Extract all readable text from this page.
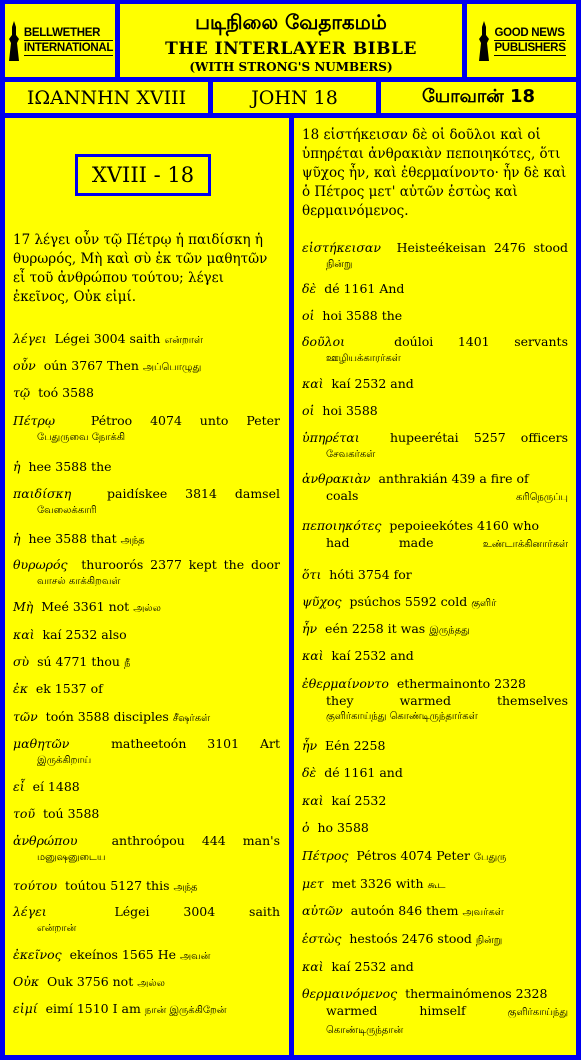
BELLWETHER
INTERNATIONAL
படிநிலை வேதாகமம்
THE INTERLAYER BIBLE
(WITH STRONG'S NUMBERS)
GOOD NEWS
PUBLISHERS
ΙΩΑΝΝΗΝ XVIII	JOHN 18	யோவான் 18
XVIII - 18
17 λέγει οὖν τῷ Πέτρῳ ἡ παιδίσκη ἡ θυρωρός, Μὴ καὶ σὺ ἐκ τῶν μαθητῶν εἶ τοῦ ἀνθρώπου τούτου; λέγει ἐκεῖνος, Οὐκ εἰμί.
λέγει Légei 3004 saith என்றாள்
οὖν oún 3767 Then அப்பொழுது
τῷ toó 3588
Πέτρῳ	Pétroo 4074 unto Peter
பேதுருவை நோக்கி
ἡ hee 3588 the
παιδίσκη	paidískee 3814 damsel
வேலைக்காரி
ἡ hee 3588 that அந்த
θυρωρός thuroorós 2377 kept the door
வாசல் காக்கிறவள்
Μὴ Meé 3361 not அல்ல
καὶ kaí 2532 also
σὺ sú 4771 thou நீ
ἐκ ek 1537 of
τῶν toón 3588 disciples சீஷர்கள்
μαθητῶν	matheetoón 3101 Art
இருக்கிறாய்
εἶ eí 1488
τοῦ toú 3588
ἀνθρώπου	anthroópou 444 man's
மனுஷனுடைய
τούτου toútou 5127 this அந்த
λέγει	Légei 3004 saith
என்றான்
ἐκεῖνος ekeínos 1565 He அவன்
Οὐκ Ouk 3756 not அல்ல
εἰμί eimí 1510 I am நான் இருக்கிறேன்
18 εἱστήκεισαν δὲ οἱ δοῦλοι καὶ οἱ ὑπηρέται ἀνθρακιὰν πεποιηκότες, ὅτι ψῦχος ἦν, καὶ ἐθερμαίνοντο· ἦν δὲ καὶ ὁ Πέτρος μετ' αὐτῶν ἑστὼς καὶ θερμαινόμενος.
εἱστήκεισαν Heisteékeisan 2476 stood
நின்று
δὲ dé 1161 And
οἱ hoi 3588 the
δοῦλοι	doúloi 1401 servants
ஊழியக்காரர்கள்
καὶ kaí 2532 and
οἱ hoi 3588
ὑπηρέται hupeerétai 5257 officers
சேவகர்கள்
ἀνθρακιὰν anthrakián 439 a fire of
coals கரிநெருப்பு
πεποιηκότες pepoieekótes 4160 who
had made உண்டாக்கினார்கள்
ὅτι hóti 3754 for
ψῦχος psúchos 5592 cold குளிர்
ἦν eén 2258 it was இருந்தது
καὶ kaí 2532 and
ἐθερμαίνοντο ethermainonto 2328
they warmed themselves
குளிர்காய்ந்து கொண்டிருந்தார்கள்
ἦν Eén 2258
δὲ dé 1161 and
καὶ kaí 2532
ὁ ho 3588
Πέτρος Pétros 4074 Peter பேதுரு
μετ met 3326 with கூட
αὐτῶν autoón 846 them அவர்கள்
ἑστὼς hestoós 2476 stood நின்று
καὶ kaí 2532 and
θερμαινόμενος thermainómenos 2328
warmed himself குளிர்காய்ந்து கொண்டிருந்தான்
